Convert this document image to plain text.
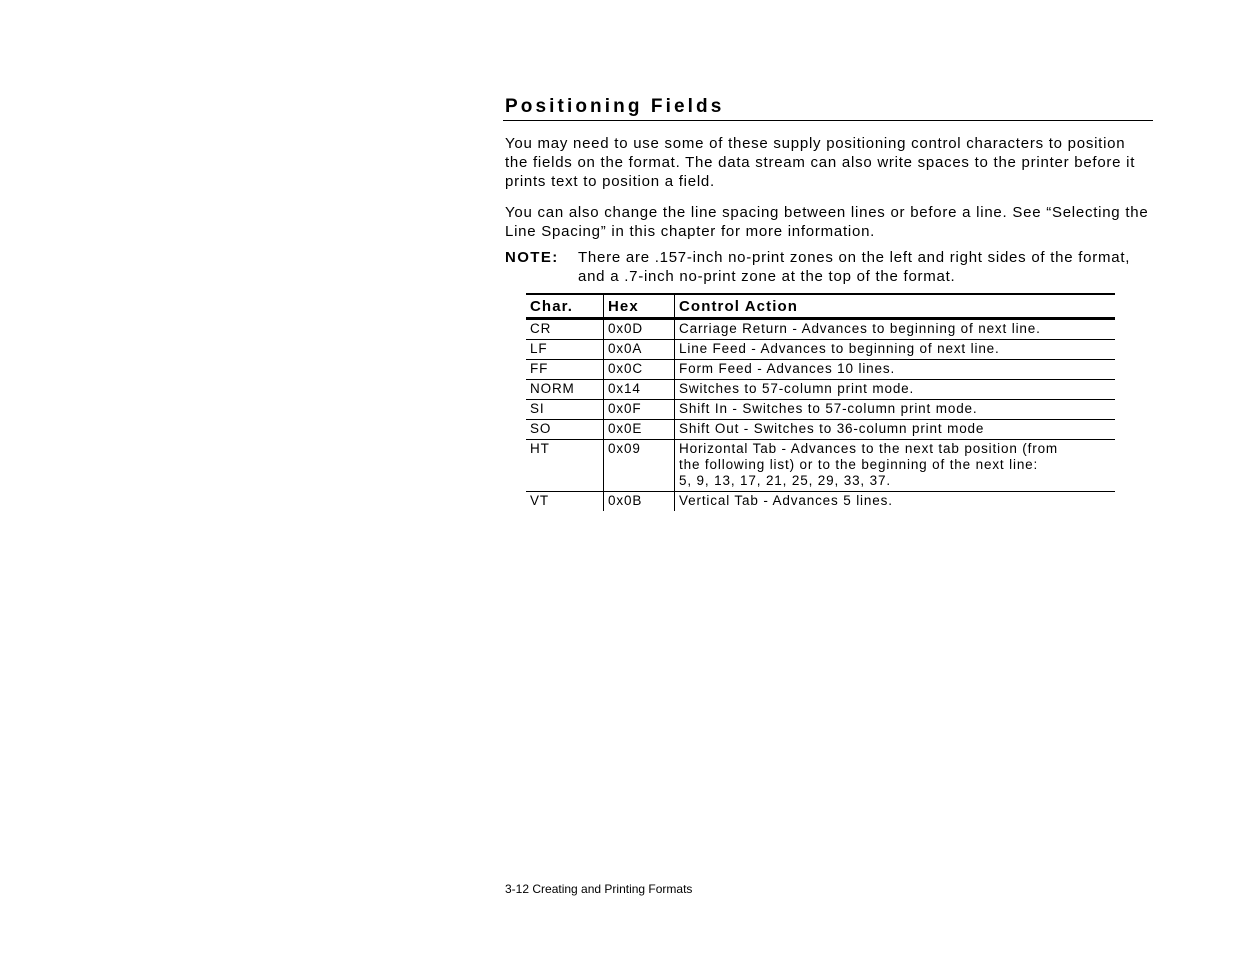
Positioning Fields

You may need to use some of these supply positioning control characters to position the fields on the format. The data stream can also write spaces to the printer before it prints text to position a field.

You can also change the line spacing between lines or before a line. See “Selecting the Line Spacing” in this chapter for more information.

NOTE:	There are .157-inch no-print zones on the left and right sides of the format, and a .7-inch no-print zone at the top of the format.
Char.	Hex	Control Action
CR	0x0D	Carriage Return - Advances to beginning of next line.
LF	0x0A	Line Feed - Advances to beginning of next line.
FF	0x0C	Form Feed - Advances 10 lines.
NORM	0x14	Switches to 57-column print mode.
SI	0x0F	Shift In - Switches to 57-column print mode.
SO	0x0E	Shift Out - Switches to 36-column print mode
HT	0x09	Horizontal Tab - Advances to the next tab position (from
the following list) or to the beginning of the next line:
5, 9, 13, 17, 21, 25, 29, 33, 37.
VT	0x0B	Vertical Tab - Advances 5 lines.
3-12 Creating and Printing Formats
